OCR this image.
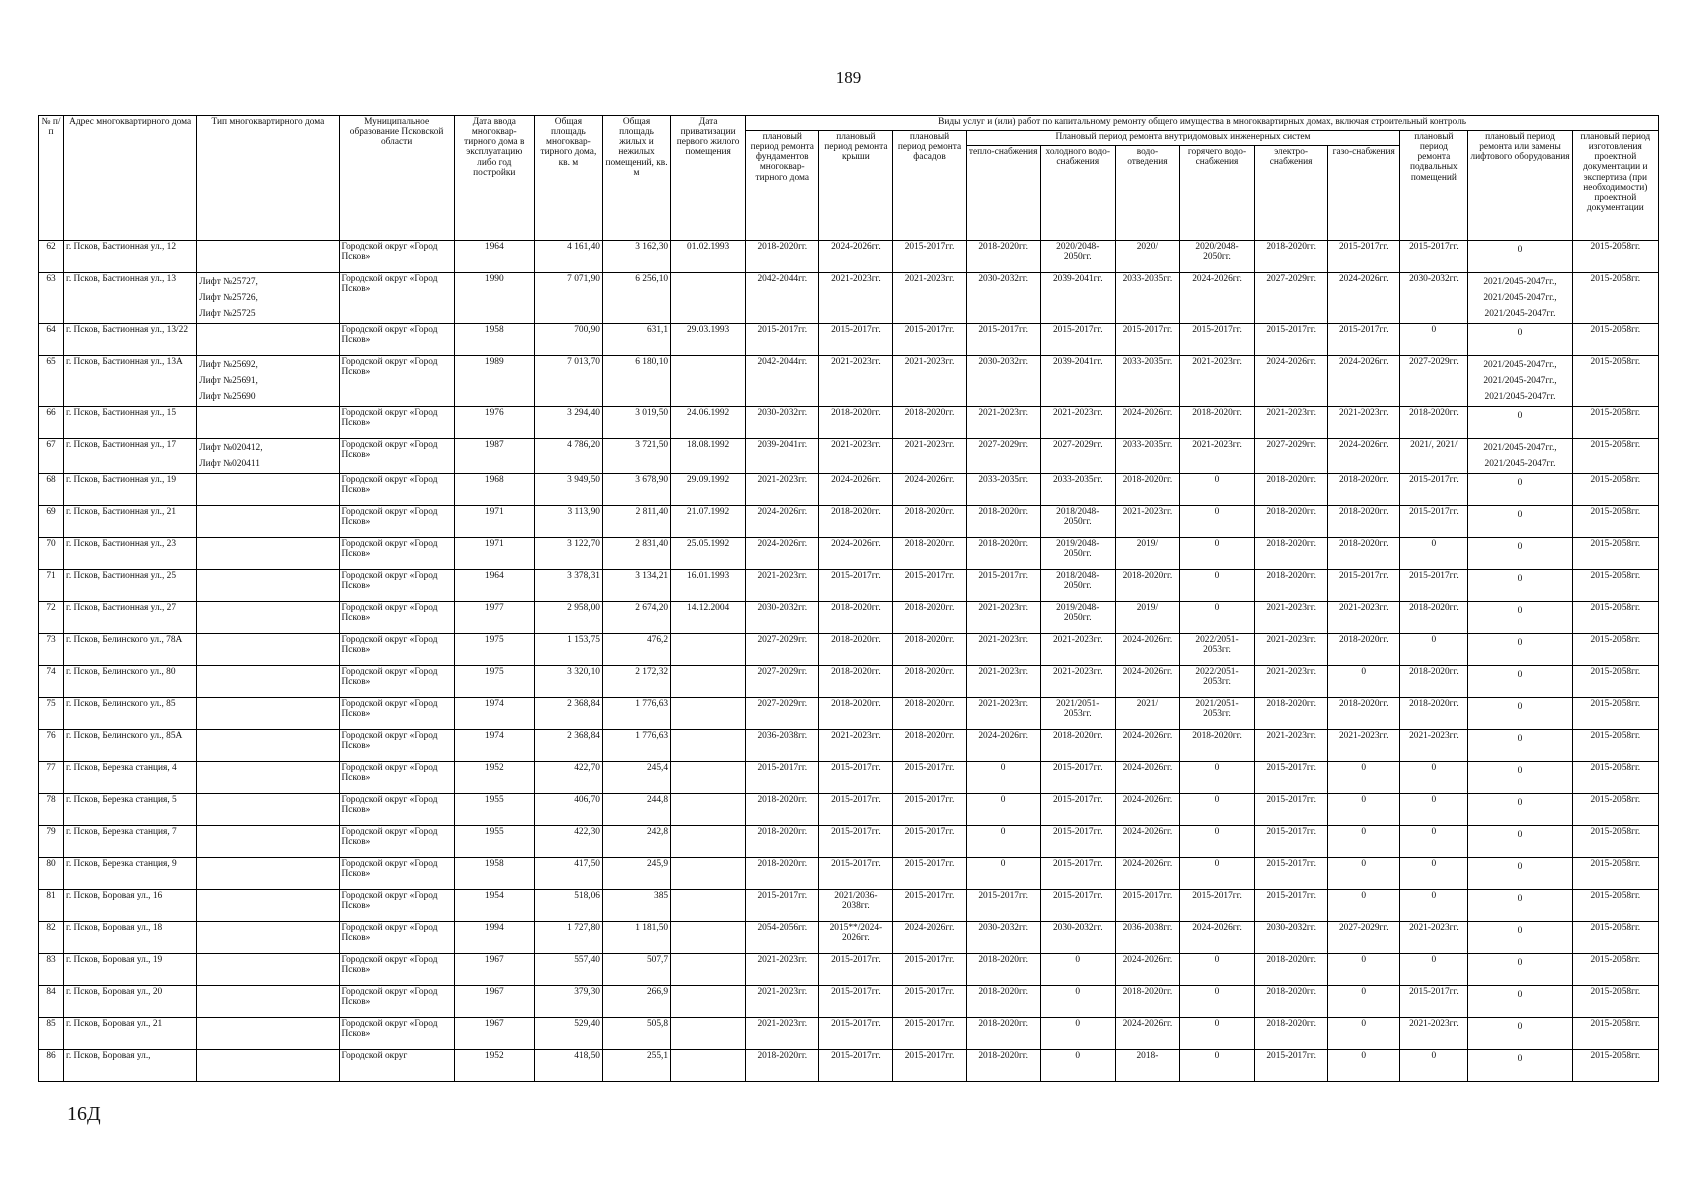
189
№ п/п	Адрес многоквартирного дома	Тип многоквартирного дома	Муниципальное образование Псковской области	Дата ввода многоквар-тирного дома в эксплуатацию либо год постройки	Общая площадь многоквар-тирного дома, кв. м	Общая площадь жилых и нежилых помещений, кв. м	Дата приватизации первого жилого помещения	Виды услуг и (или) работ по капитальному ремонту общего имущества в многоквартирных домах, включая строительный контроль											
								плановый период ремонта фундаментов многоквар-тирного дома	плановый период ремонта крыши	плановый период ремонта фасадов	Плановый период ремонта внутридомовых инженерных систем						плановый период ремонта подвальных помещений	плановый период ремонта или замены лифтового оборудования	плановый период изготовления проектной документации и экспертиза (при необходимости) проектной документации
											тепло-снабжения	холодного водо-снабжения	водо-отведения	горячего водо-снабжения	электро-снабжения	газо-снабжения			
62	г. Псков, Бастионная ул., 12		Городской округ «Город Псков»	1964	4 161,40	3 162,30	01.02.1993	2018-2020гг.	2024-2026гг.	2015-2017гг.	2018-2020гг.	2020/2048-2050гг.	2020/	2020/2048-2050гг.	2018-2020гг.	2015-2017гг.	2015-2017гг.	0	2015-2058гг.
63	г. Псков, Бастионная ул., 13	Лифт №25727,
Лифт №25726,
Лифт №25725	Городской округ «Город Псков»	1990	7 071,90	6 256,10		2042-2044гг.	2021-2023гг.	2021-2023гг.	2030-2032гг.	2039-2041гг.	2033-2035гг.	2024-2026гг.	2027-2029гг.	2024-2026гг.	2030-2032гг.	2021/2045-2047гг.,
2021/2045-2047гг.,
2021/2045-2047гг.	2015-2058гг.
64	г. Псков, Бастионная ул., 13/22		Городской округ «Город Псков»	1958	700,90	631,1	29.03.1993	2015-2017гг.	2015-2017гг.	2015-2017гг.	2015-2017гг.	2015-2017гг.	2015-2017гг.	2015-2017гг.	2015-2017гг.	2015-2017гг.	0	0	2015-2058гг.
65	г. Псков, Бастионная ул., 13А	Лифт №25692,
Лифт №25691,
Лифт №25690	Городской округ «Город Псков»	1989	7 013,70	6 180,10		2042-2044гг.	2021-2023гг.	2021-2023гг.	2030-2032гг.	2039-2041гг.	2033-2035гг.	2021-2023гг.	2024-2026гг.	2024-2026гг.	2027-2029гг.	2021/2045-2047гг.,
2021/2045-2047гг.,
2021/2045-2047гг.	2015-2058гг.
66	г. Псков, Бастионная ул., 15		Городской округ «Город Псков»	1976	3 294,40	3 019,50	24.06.1992	2030-2032гг.	2018-2020гг.	2018-2020гг.	2021-2023гг.	2021-2023гг.	2024-2026гг.	2018-2020гг.	2021-2023гг.	2021-2023гг.	2018-2020гг.	0	2015-2058гг.
67	г. Псков, Бастионная ул., 17	Лифт №020412,
Лифт №020411	Городской округ «Город Псков»	1987	4 786,20	3 721,50	18.08.1992	2039-2041гг.	2021-2023гг.	2021-2023гг.	2027-2029гг.	2027-2029гг.	2033-2035гг.	2021-2023гг.	2027-2029гг.	2024-2026гг.	2021/, 2021/	2021/2045-2047гг.,
2021/2045-2047гг.	2015-2058гг.
68	г. Псков, Бастионная ул., 19		Городской округ «Город Псков»	1968	3 949,50	3 678,90	29.09.1992	2021-2023гг.	2024-2026гг.	2024-2026гг.	2033-2035гг.	2033-2035гг.	2018-2020гг.	0	2018-2020гг.	2018-2020гг.	2015-2017гг.	0	2015-2058гг.
69	г. Псков, Бастионная ул., 21		Городской округ «Город Псков»	1971	3 113,90	2 811,40	21.07.1992	2024-2026гг.	2018-2020гг.	2018-2020гг.	2018-2020гг.	2018/2048-2050гг.	2021-2023гг.	0	2018-2020гг.	2018-2020гг.	2015-2017гг.	0	2015-2058гг.
70	г. Псков, Бастионная ул., 23		Городской округ «Город Псков»	1971	3 122,70	2 831,40	25.05.1992	2024-2026гг.	2024-2026гг.	2018-2020гг.	2018-2020гг.	2019/2048-2050гг.	2019/	0	2018-2020гг.	2018-2020гг.	0	0	2015-2058гг.
71	г. Псков, Бастионная ул., 25		Городской округ «Город Псков»	1964	3 378,31	3 134,21	16.01.1993	2021-2023гг.	2015-2017гг.	2015-2017гг.	2015-2017гг.	2018/2048-2050гг.	2018-2020гг.	0	2018-2020гг.	2015-2017гг.	2015-2017гг.	0	2015-2058гг.
72	г. Псков, Бастионная ул., 27		Городской округ «Город Псков»	1977	2 958,00	2 674,20	14.12.2004	2030-2032гг.	2018-2020гг.	2018-2020гг.	2021-2023гг.	2019/2048-2050гг.	2019/	0	2021-2023гг.	2021-2023гг.	2018-2020гг.	0	2015-2058гг.
73	г. Псков, Белинского ул., 78А		Городской округ «Город Псков»	1975	1 153,75	476,2		2027-2029гг.	2018-2020гг.	2018-2020гг.	2021-2023гг.	2021-2023гг.	2024-2026гг.	2022/2051-2053гг.	2021-2023гг.	2018-2020гг.	0	0	2015-2058гг.
74	г. Псков, Белинского ул., 80		Городской округ «Город Псков»	1975	3 320,10	2 172,32		2027-2029гг.	2018-2020гг.	2018-2020гг.	2021-2023гг.	2021-2023гг.	2024-2026гг.	2022/2051-2053гг.	2021-2023гг.	0	2018-2020гг.	0	2015-2058гг.
75	г. Псков, Белинского ул., 85		Городской округ «Город Псков»	1974	2 368,84	1 776,63		2027-2029гг.	2018-2020гг.	2018-2020гг.	2021-2023гг.	2021/2051-2053гг.	2021/	2021/2051-2053гг.	2018-2020гг.	2018-2020гг.	2018-2020гг.	0	2015-2058гг.
76	г. Псков, Белинского ул., 85А		Городской округ «Город Псков»	1974	2 368,84	1 776,63		2036-2038гг.	2021-2023гг.	2018-2020гг.	2024-2026гг.	2018-2020гг.	2024-2026гг.	2018-2020гг.	2021-2023гг.	2021-2023гг.	2021-2023гг.	0	2015-2058гг.
77	г. Псков, Березка станция, 4		Городской округ «Город Псков»	1952	422,70	245,4		2015-2017гг.	2015-2017гг.	2015-2017гг.	0	2015-2017гг.	2024-2026гг.	0	2015-2017гг.	0	0	0	2015-2058гг.
78	г. Псков, Березка станция, 5		Городской округ «Город Псков»	1955	406,70	244,8		2018-2020гг.	2015-2017гг.	2015-2017гг.	0	2015-2017гг.	2024-2026гг.	0	2015-2017гг.	0	0	0	2015-2058гг.
79	г. Псков, Березка станция, 7		Городской округ «Город Псков»	1955	422,30	242,8		2018-2020гг.	2015-2017гг.	2015-2017гг.	0	2015-2017гг.	2024-2026гг.	0	2015-2017гг.	0	0	0	2015-2058гг.
80	г. Псков, Березка станция, 9		Городской округ «Город Псков»	1958	417,50	245,9		2018-2020гг.	2015-2017гг.	2015-2017гг.	0	2015-2017гг.	2024-2026гг.	0	2015-2017гг.	0	0	0	2015-2058гг.
81	г. Псков, Боровая ул., 16		Городской округ «Город Псков»	1954	518,06	385		2015-2017гг.	2021/2036-2038гг.	2015-2017гг.	2015-2017гг.	2015-2017гг.	2015-2017гг.	2015-2017гг.	2015-2017гг.	0	0	0	2015-2058гг.
82	г. Псков, Боровая ул., 18		Городской округ «Город Псков»	1994	1 727,80	1 181,50		2054-2056гг.	2015**/2024-2026гг.	2024-2026гг.	2030-2032гг.	2030-2032гг.	2036-2038гг.	2024-2026гг.	2030-2032гг.	2027-2029гг.	2021-2023гг.	0	2015-2058гг.
83	г. Псков, Боровая ул., 19		Городской округ «Город Псков»	1967	557,40	507,7		2021-2023гг.	2015-2017гг.	2015-2017гг.	2018-2020гг.	0	2024-2026гг.	0	2018-2020гг.	0	0	0	2015-2058гг.
84	г. Псков, Боровая ул., 20		Городской округ «Город Псков»	1967	379,30	266,9		2021-2023гг.	2015-2017гг.	2015-2017гг.	2018-2020гг.	0	2018-2020гг.	0	2018-2020гг.	0	2015-2017гг.	0	2015-2058гг.
85	г. Псков, Боровая ул., 21		Городской округ «Город Псков»	1967	529,40	505,8		2021-2023гг.	2015-2017гг.	2015-2017гг.	2018-2020гг.	0	2024-2026гг.	0	2018-2020гг.	0	2021-2023гг.	0	2015-2058гг.
86	г. Псков, Боровая ул.,		Городской округ	1952	418,50	255,1		2018-2020гг.	2015-2017гг.	2015-2017гг.	2018-2020гг.	0	2018-	0	2015-2017гг.	0	0	0	2015-2058гг.
16Д
